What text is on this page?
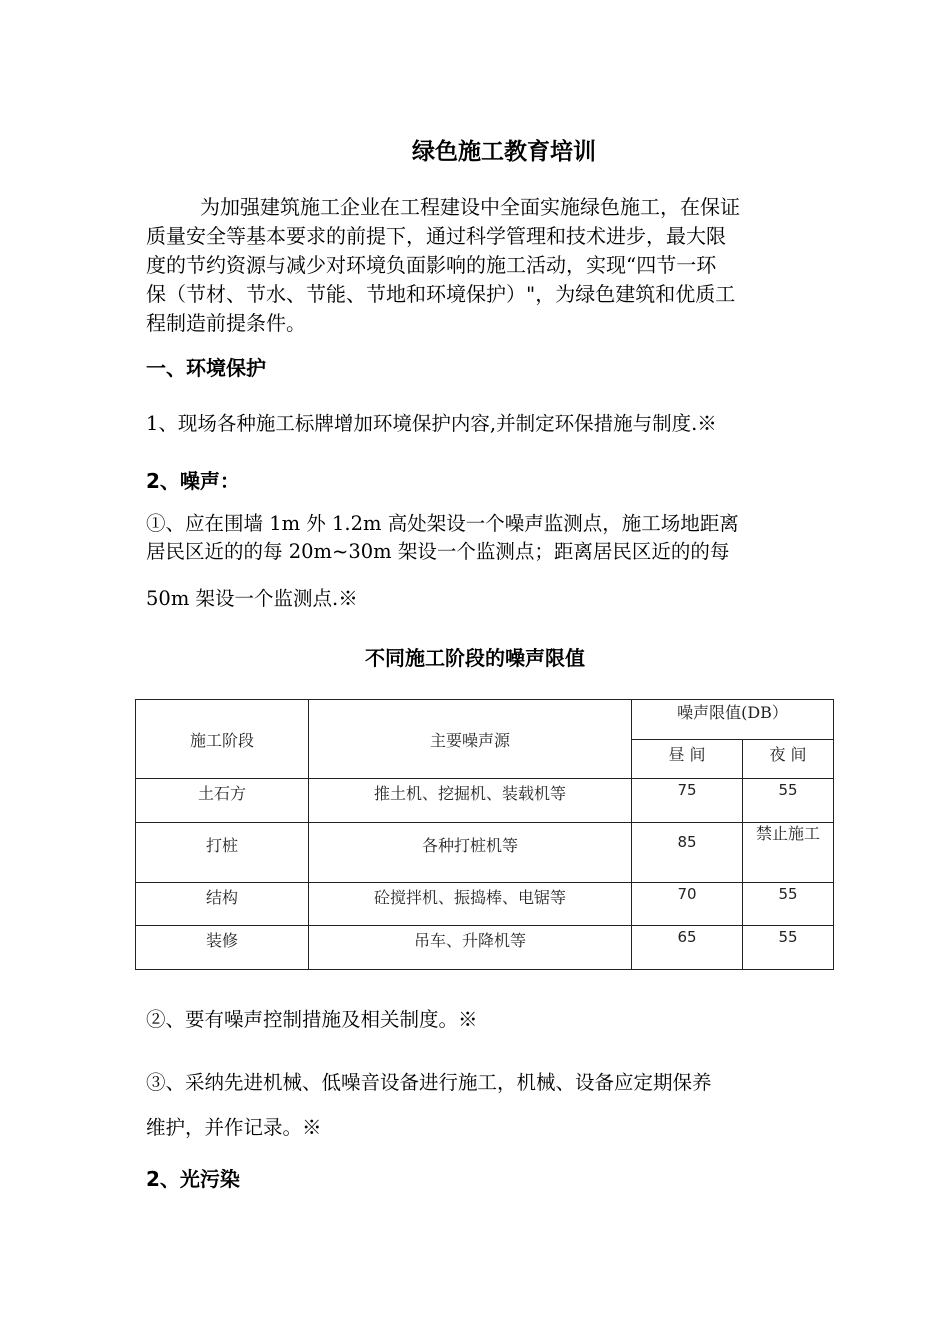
绿色施工教育培训
为加强建筑施工企业在工程建设中全面实施绿色施工，在保证
质量安全等基本要求的前提下，通过科学管理和技术进步，最大限
度的节约资源与减少对环境负面影响的施工活动，实现“四节一环
保（节材、节水、节能、节地和环境保护）"，为绿色建筑和优质工
程制造前提条件。
一、环境保护
1、现场各种施工标牌增加环境保护内容,并制定环保措施与制度.※
2、噪声：
①、应在围墙 1m 外 1.2m 高处架设一个噪声监测点，施工场地距离
居民区近的的每 20m~30m 架设一个监测点；距离居民区近的的每
50m 架设一个监测点.※
不同施工阶段的噪声限值
施工阶段	主要噪声源	噪声限值(DB）	

		昼 间	夜 间

土石方	推土机、挖掘机、装载机等	75	55

打桩	各种打桩机等	85	禁止施工

结构	砼搅拌机、振捣棒、电锯等	70	55

装修	吊车、升降机等	65	55
②、要有噪声控制措施及相关制度。※
③、采纳先进机械、低噪音设备进行施工，机械、设备应定期保养
维护，并作记录。※
2、光污染
